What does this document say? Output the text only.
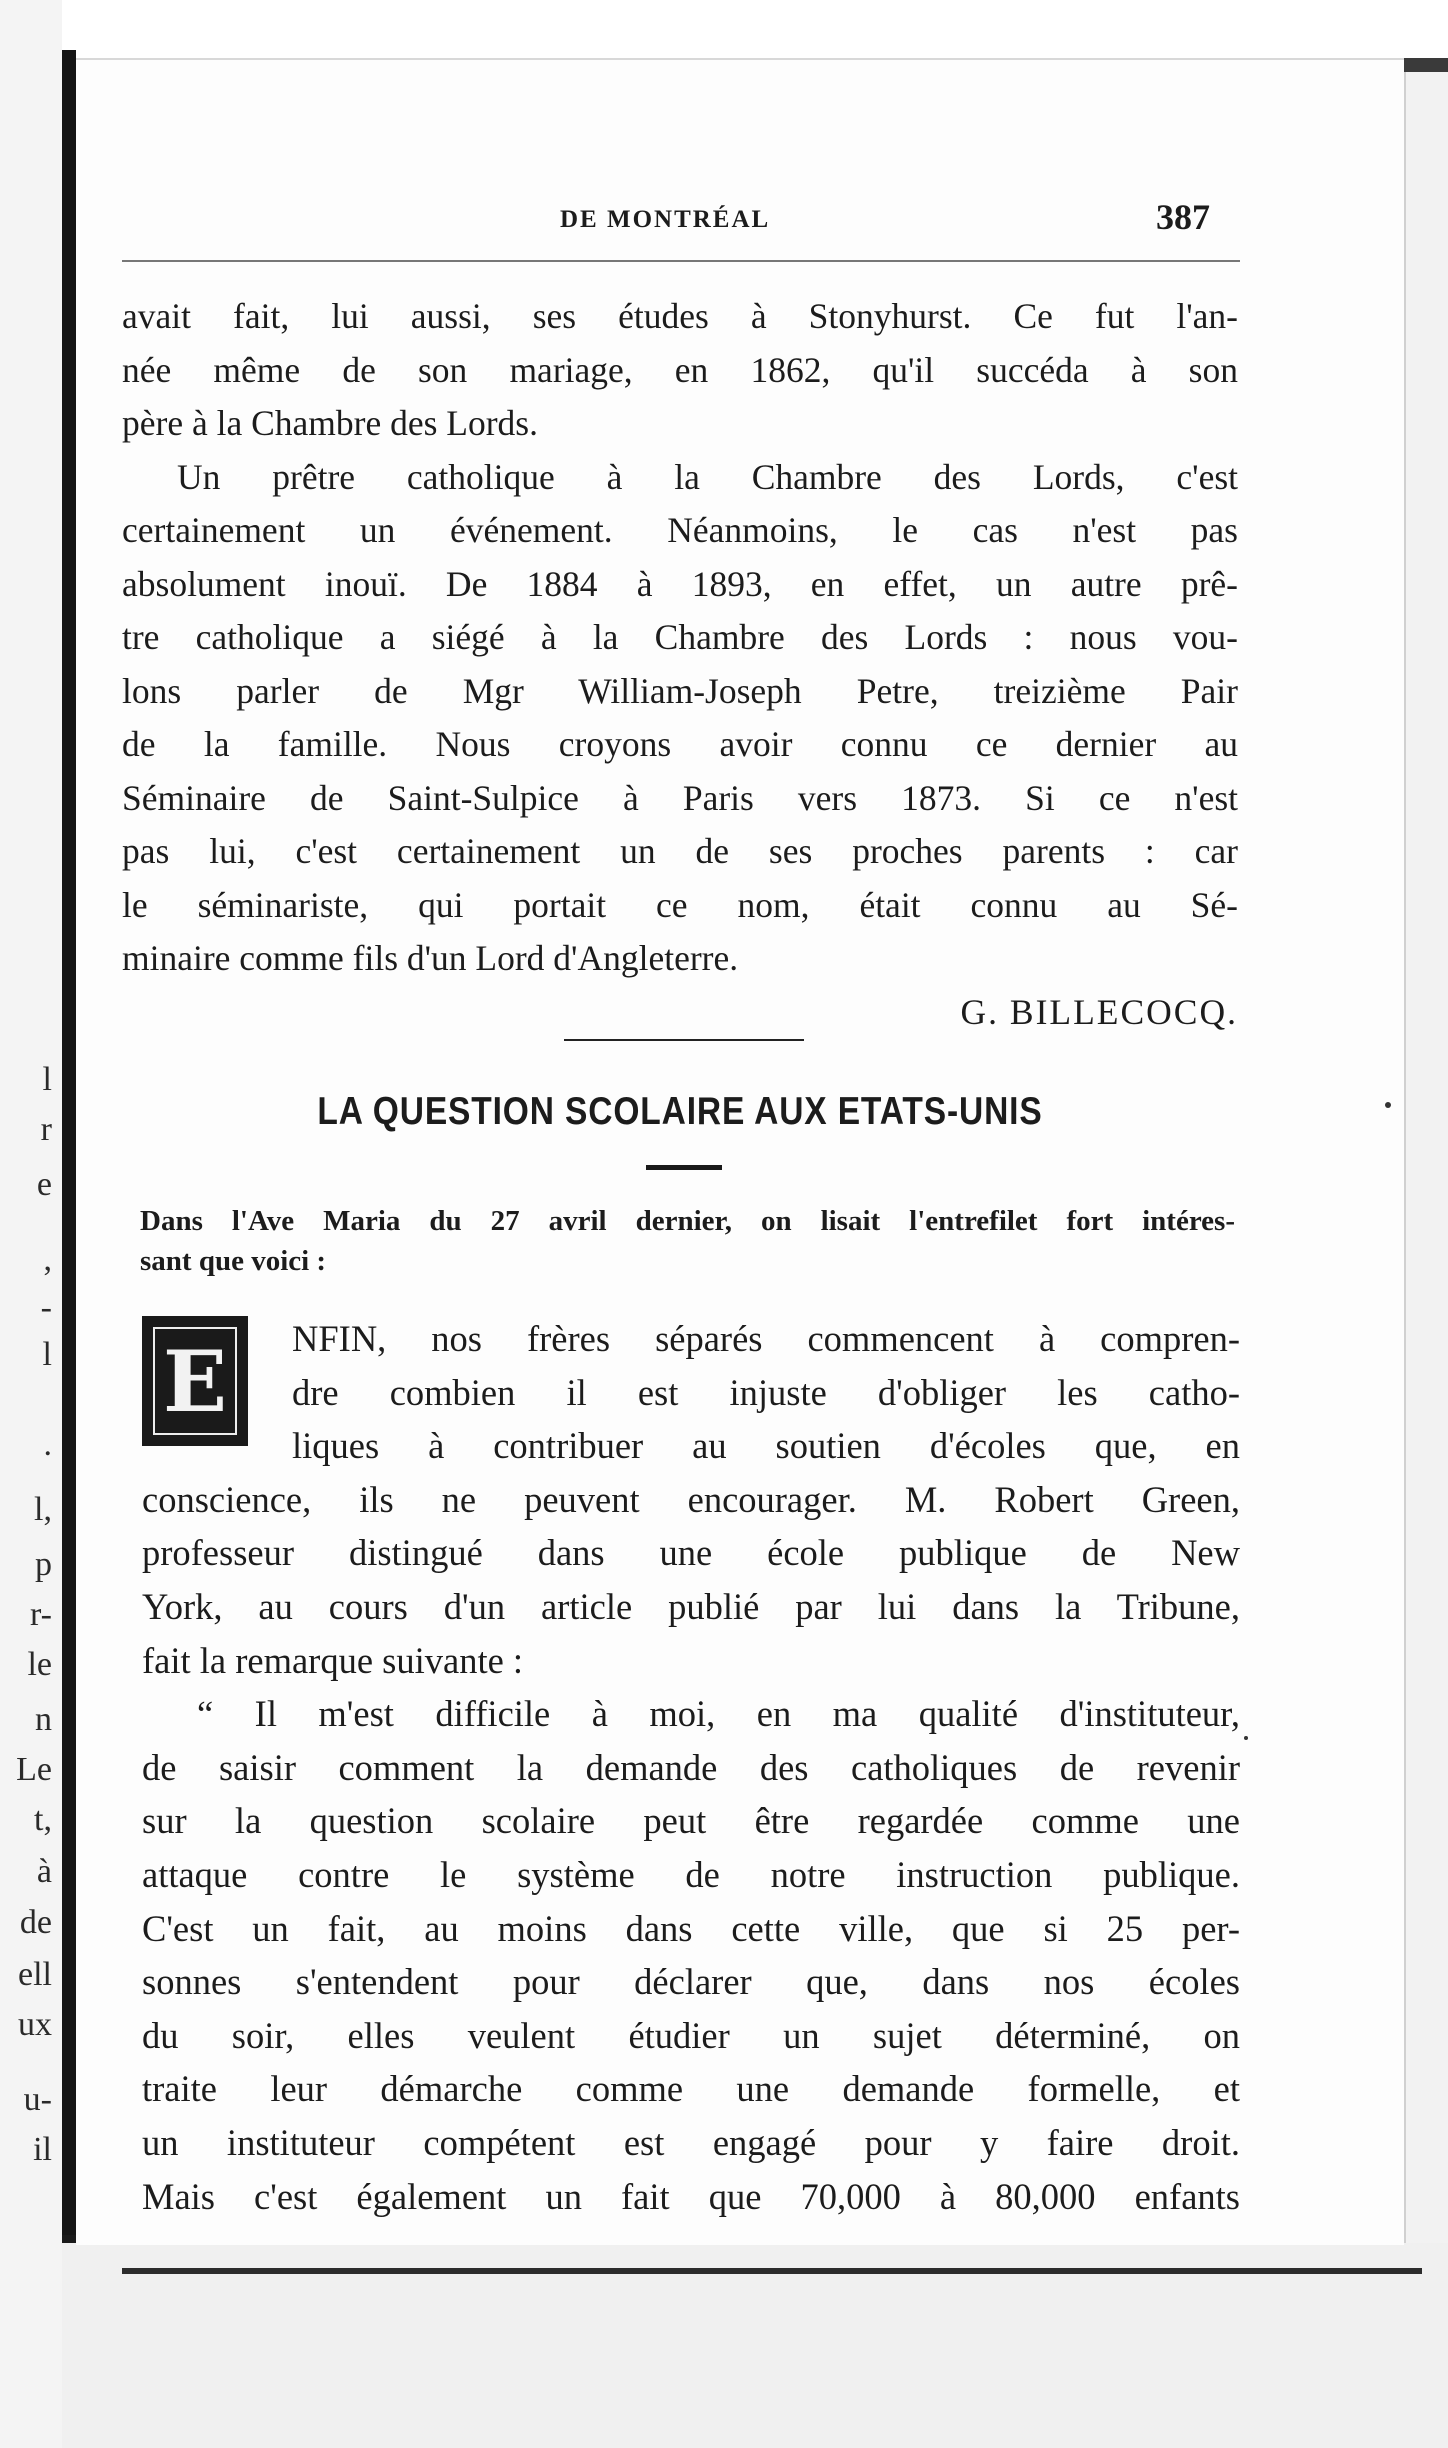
l
r
e
,
-
l
.
l,
p
r-
le
n
Le
t,
à
de
ell
ux
u-
il
DE MONTRÉAL	387
avait fait, lui aussi, ses études à Stonyhurst. Ce fut l'an-
née même de son mariage, en 1862, qu'il succéda à son
père à la Chambre des Lords.
Un prêtre catholique à la Chambre des Lords, c'est
certainement un événement. Néanmoins, le cas n'est pas
absolument inouï. De 1884 à 1893, en effet, un autre prê-
tre catholique a siégé à la Chambre des Lords : nous vou-
lons parler de Mgr William-Joseph Petre, treizième Pair
de la famille. Nous croyons avoir connu ce dernier au
Séminaire de Saint-Sulpice à Paris vers 1873. Si ce n'est
pas lui, c'est certainement un de ses proches parents : car
le séminariste, qui portait ce nom, était connu au Sé-
minaire comme fils d'un Lord d'Angleterre.
G. BILLECOCQ.
LA QUESTION SCOLAIRE AUX ETATS-UNIS
Dans l'Ave Maria du 27 avril dernier, on lisait l'entrefilet fort intéres-
sant que voici :
E	NFIN, nos frères séparés commencent à compren-
dre combien il est injuste d'obliger les catho-
liques à contribuer au soutien d'écoles que, en
conscience, ils ne peuvent encourager. M. Robert Green,
professeur distingué dans une école publique de New
York, au cours d'un article publié par lui dans la Tribune,
fait la remarque suivante :
“ Il m'est difficile à moi, en ma qualité d'instituteur,
de saisir comment la demande des catholiques de revenir
sur la question scolaire peut être regardée comme une
attaque contre le système de notre instruction publique.
C'est un fait, au moins dans cette ville, que si 25 per-
sonnes s'entendent pour déclarer que, dans nos écoles
du soir, elles veulent étudier un sujet déterminé, on
traite leur démarche comme une demande formelle, et
un instituteur compétent est engagé pour y faire droit.
Mais c'est également un fait que 70,000 à 80,000 enfants
